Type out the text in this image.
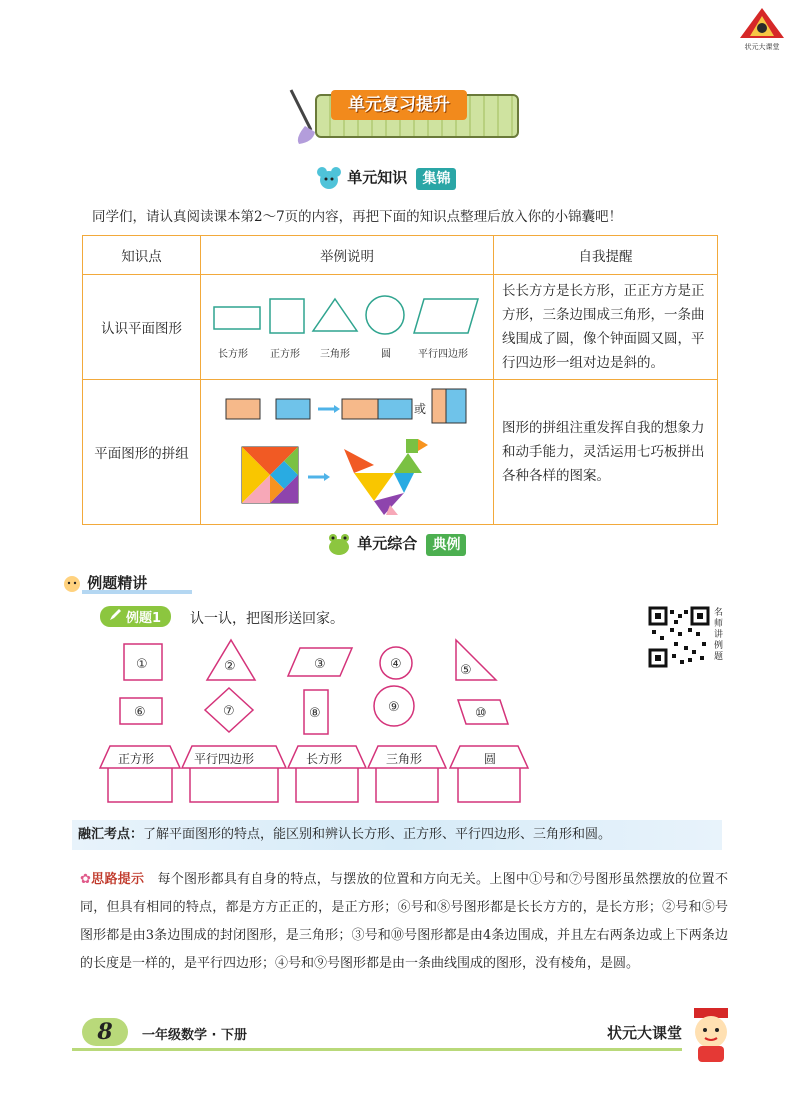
状元大课堂
单元复习提升
单元知识 集锦
同学们，请认真阅读课本第2～7页的内容，再把下面的知识点整理后放入你的小锦囊吧！
知识点	举例说明	自我提醒
认识平面图形	长方形 正方形 三角形 圆 平行四边形	长长方方是长方形，正正方方是正方形，三条边围成三角形，一条曲线围成了圆，像个钟面圆又圆，平行四边形一组对边是斜的。
平面图形的拼组	或	图形的拼组注重发挥自我的想象力和动手能力，灵活运用七巧板拼出各种各样的图案。
单元综合 典例
例题精讲
例题1	认一认，把图形送回家。	名师讲例题
①	②	③	④	⑤
⑥	⑦	⑧	⑨	⑩
正方形	平行四边形	长方形	三角形	圆
融汇考点：了解平面图形的特点，能区别和辨认长方形、正方形、平行四边形、三角形和圆。
✿思路提示 每个图形都具有自身的特点，与摆放的位置和方向无关。上图中①号和⑦号图形虽然摆放的位置不同，但具有相同的特点，都是方方正正的，是正方形；⑥号和⑧号图形都是长长方方的，是长方形；②号和⑤号图形都是由3条边围成的封闭图形，是三角形；③号和⑩号图形都是由4条边围成，并且左右两条边或上下两条边的长度是一样的，是平行四边形；④号和⑨号图形都是由一条曲线围成的图形，没有棱角，是圆。
8	一年级数学 · 下册	状元大课堂
